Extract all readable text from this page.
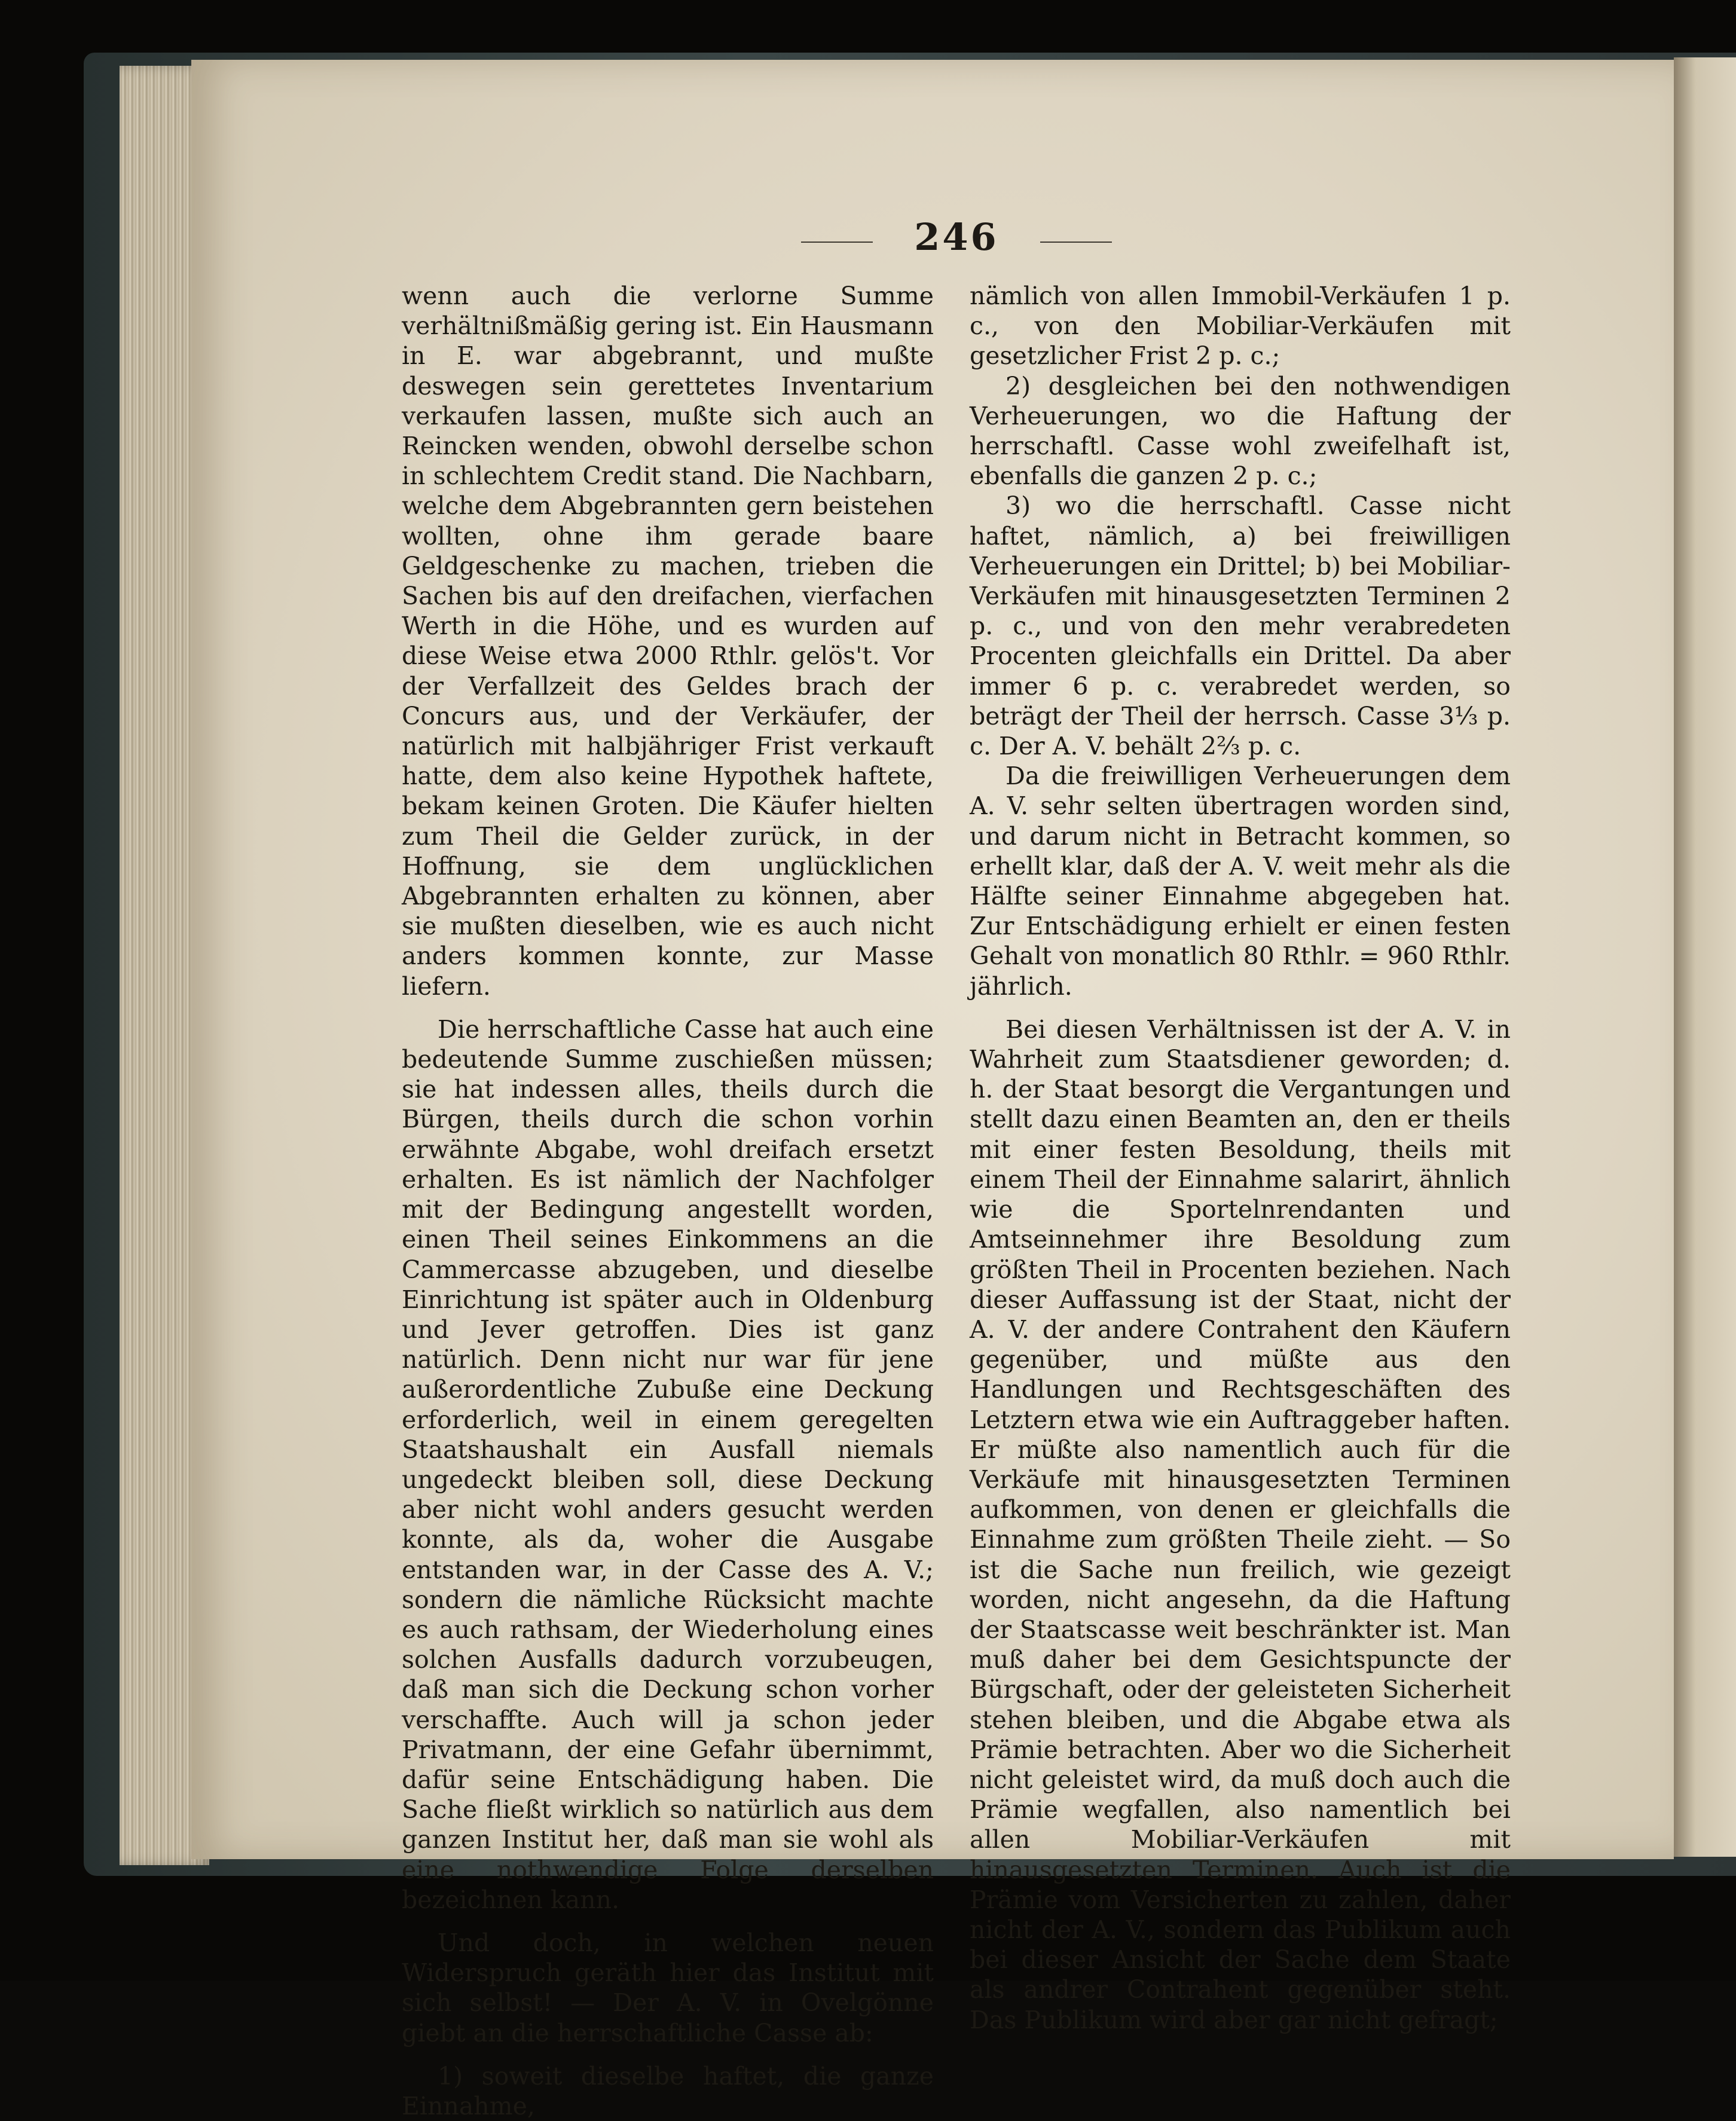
246

wenn auch die verlorne Summe verhältnißmäßig gering ist. Ein Hausmann in E. war abgebrannt, und mußte deswegen sein gerettetes Inventarium verkaufen lassen, mußte sich auch an Reincken wenden, obwohl derselbe schon in schlechtem Credit stand. Die Nachbarn, welche dem Abgebrannten gern beistehen wollten, ohne ihm gerade baare Geldgeschenke zu machen, trieben die Sachen bis auf den dreifachen, vierfachen Werth in die Höhe, und es wurden auf diese Weise etwa 2000 Rthlr. gelös't. Vor der Verfallzeit des Geldes brach der Concurs aus, und der Verkäufer, der natürlich mit halbjähriger Frist verkauft hatte, dem also keine Hypothek haftete, bekam keinen Groten. Die Käufer hielten zum Theil die Gelder zurück, in der Hoffnung, sie dem unglücklichen Abgebrannten erhalten zu können, aber sie mußten dieselben, wie es auch nicht anders kommen konnte, zur Masse liefern.

Die herrschaftliche Casse hat auch eine bedeutende Summe zuschießen müssen; sie hat indessen alles, theils durch die Bürgen, theils durch die schon vorhin erwähnte Abgabe, wohl dreifach ersetzt erhalten. Es ist nämlich der Nachfolger mit der Bedingung angestellt worden, einen Theil seines Einkommens an die Cammercasse abzugeben, und dieselbe Einrichtung ist später auch in Oldenburg und Jever getroffen. Dies ist ganz natürlich. Denn nicht nur war für jene außerordentliche Zubuße eine Deckung erforderlich, weil in einem geregelten Staatshaushalt ein Ausfall niemals ungedeckt bleiben soll, diese Deckung aber nicht wohl anders gesucht werden konnte, als da, woher die Ausgabe entstanden war, in der Casse des A. V.; sondern die nämliche Rücksicht machte es auch rathsam, der Wiederholung eines solchen Ausfalls dadurch vorzubeugen, daß man sich die Deckung schon vorher verschaffte. Auch will ja schon jeder Privatmann, der eine Gefahr übernimmt, dafür seine Entschädigung haben. Die Sache fließt wirklich so natürlich aus dem ganzen Institut her, daß man sie wohl als eine nothwendige Folge derselben bezeichnen kann.

Und doch, in welchen neuen Widerspruch geräth hier das Institut mit sich selbst! — Der A. V. in Ovelgönne giebt an die herrschaftliche Casse ab:

1) soweit dieselbe haftet, die ganze Einnahme,

nämlich von allen Immobil-Verkäufen 1 p. c., von den Mobiliar-Verkäufen mit gesetzlicher Frist 2 p. c.;

2) desgleichen bei den nothwendigen Verheuerungen, wo die Haftung der herrschaftl. Casse wohl zweifelhaft ist, ebenfalls die ganzen 2 p. c.;

3) wo die herrschaftl. Casse nicht haftet, nämlich, a) bei freiwilligen Verheuerungen ein Drittel; b) bei Mobiliar-Verkäufen mit hinausgesetzten Terminen 2 p. c., und von den mehr verabredeten Procenten gleichfalls ein Drittel. Da aber immer 6 p. c. verabredet werden, so beträgt der Theil der herrsch. Casse 3⅓ p. c. Der A. V. behält 2⅔ p. c.

Da die freiwilligen Verheuerungen dem A. V. sehr selten übertragen worden sind, und darum nicht in Betracht kommen, so erhellt klar, daß der A. V. weit mehr als die Hälfte seiner Einnahme abgegeben hat. Zur Entschädigung erhielt er einen festen Gehalt von monatlich 80 Rthlr. = 960 Rthlr. jährlich.

Bei diesen Verhältnissen ist der A. V. in Wahrheit zum Staatsdiener geworden; d. h. der Staat besorgt die Vergantungen und stellt dazu einen Beamten an, den er theils mit einer festen Besoldung, theils mit einem Theil der Einnahme salarirt, ähnlich wie die Sportelnrendanten und Amtseinnehmer ihre Besoldung zum größten Theil in Procenten beziehen. Nach dieser Auffassung ist der Staat, nicht der A. V. der andere Contrahent den Käufern gegenüber, und müßte aus den Handlungen und Rechtsgeschäften des Letztern etwa wie ein Auftraggeber haften. Er müßte also namentlich auch für die Verkäufe mit hinausgesetzten Terminen aufkommen, von denen er gleichfalls die Einnahme zum größten Theile zieht. — So ist die Sache nun freilich, wie gezeigt worden, nicht angesehn, da die Haftung der Staatscasse weit beschränkter ist. Man muß daher bei dem Gesichtspuncte der Bürgschaft, oder der geleisteten Sicherheit stehen bleiben, und die Abgabe etwa als Prämie betrachten. Aber wo die Sicherheit nicht geleistet wird, da muß doch auch die Prämie wegfallen, also namentlich bei allen Mobiliar-Verkäufen mit hinausgesetzten Terminen. Auch ist die Prämie vom Versicherten zu zahlen, daher nicht der A. V., sondern das Publikum auch bei dieser Ansicht der Sache dem Staate als andrer Contrahent gegenüber steht. Das Publikum wird aber gar nicht gefragt;
